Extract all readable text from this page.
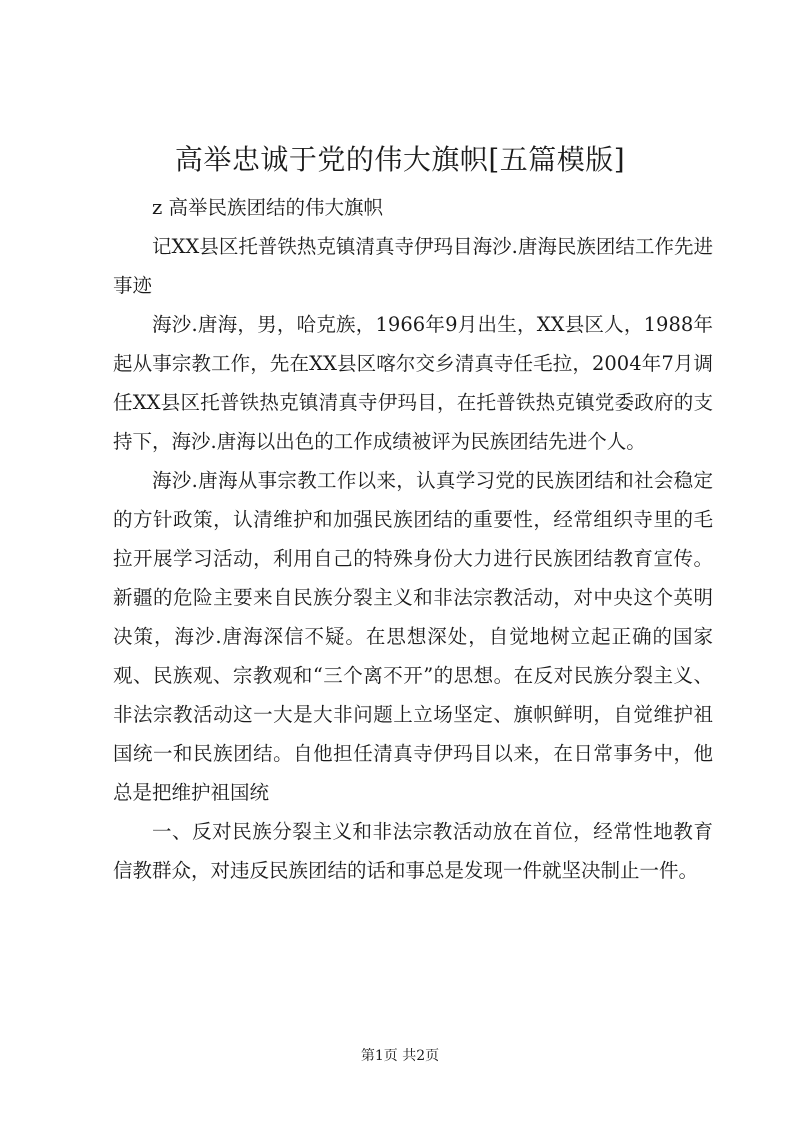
高举忠诚于党的伟大旗帜[五篇模版]

z 高举民族团结的伟大旗帜

记XX县区托普铁热克镇清真寺伊玛目海沙.唐海民族团结工作先进事迹

海沙.唐海，男，哈克族，1966年9月出生，XX县区人，1988年起从事宗教工作，先在XX县区喀尔交乡清真寺任毛拉，2004年7月调任XX县区托普铁热克镇清真寺伊玛目，在托普铁热克镇党委政府的支持下，海沙.唐海以出色的工作成绩被评为民族团结先进个人。

海沙.唐海从事宗教工作以来，认真学习党的民族团结和社会稳定的方针政策，认清维护和加强民族团结的重要性，经常组织寺里的毛拉开展学习活动，利用自己的特殊身份大力进行民族团结教育宣传。新疆的危险主要来自民族分裂主义和非法宗教活动，对中央这个英明决策，海沙.唐海深信不疑。在思想深处，自觉地树立起正确的国家观、民族观、宗教观和“三个离不开”的思想。在反对民族分裂主义、非法宗教活动这一大是大非问题上立场坚定、旗帜鲜明，自觉维护祖国统一和民族团结。自他担任清真寺伊玛目以来，在日常事务中，他总是把维护祖国统

一、反对民族分裂主义和非法宗教活动放在首位，经常性地教育信教群众，对违反民族团结的话和事总是发现一件就坚决制止一件。

第1页 共2页
